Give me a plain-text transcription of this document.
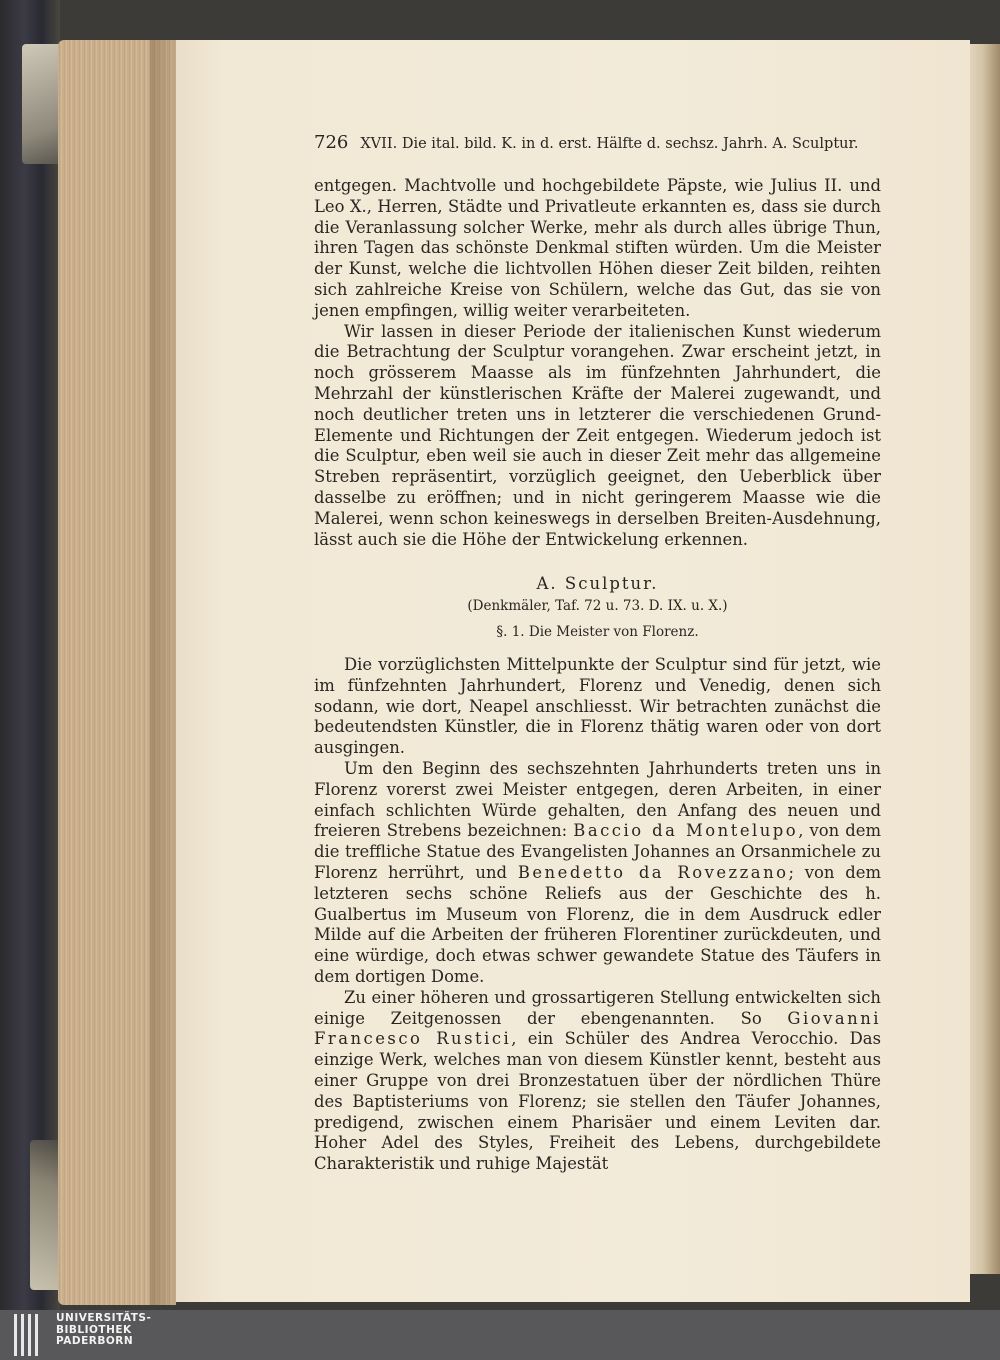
726 XVII. Die ital. bild. K. in d. erst. Hälfte d. sechsz. Jahrh. A. Sculptur.

entgegen. Machtvolle und hochgebildete Päpste, wie Julius II. und Leo X., Herren, Städte und Privatleute erkannten es, dass sie durch die Veranlassung solcher Werke, mehr als durch alles übrige Thun, ihren Tagen das schönste Denkmal stiften würden. Um die Meister der Kunst, welche die lichtvollen Höhen dieser Zeit bilden, reihten sich zahlreiche Kreise von Schülern, welche das Gut, das sie von jenen empfingen, willig weiter verarbeiteten.

Wir lassen in dieser Periode der italienischen Kunst wiederum die Betrachtung der Sculptur vorangehen. Zwar erscheint jetzt, in noch grösserem Maasse als im fünfzehnten Jahrhundert, die Mehrzahl der künstlerischen Kräfte der Malerei zugewandt, und noch deutlicher treten uns in letzterer die verschiedenen Grund-Elemente und Richtungen der Zeit entgegen. Wiederum jedoch ist die Sculptur, eben weil sie auch in dieser Zeit mehr das allgemeine Streben repräsentirt, vorzüglich geeignet, den Ueberblick über dasselbe zu eröffnen; und in nicht geringerem Maasse wie die Malerei, wenn schon keineswegs in derselben Breiten-Ausdehnung, lässt auch sie die Höhe der Entwickelung erkennen.

A. Sculptur.
(Denkmäler, Taf. 72 u. 73. D. IX. u. X.)
§. 1. Die Meister von Florenz.

Die vorzüglichsten Mittelpunkte der Sculptur sind für jetzt, wie im fünfzehnten Jahrhundert, Florenz und Venedig, denen sich sodann, wie dort, Neapel anschliesst. Wir betrachten zunächst die bedeutendsten Künstler, die in Florenz thätig waren oder von dort ausgingen.

Um den Beginn des sechszehnten Jahrhunderts treten uns in Florenz vorerst zwei Meister entgegen, deren Arbeiten, in einer einfach schlichten Würde gehalten, den Anfang des neuen und freieren Strebens bezeichnen: Baccio da Montelupo, von dem die treffliche Statue des Evangelisten Johannes an Orsanmichele zu Florenz herrührt, und Benedetto da Rovezzano; von dem letzteren sechs schöne Reliefs aus der Geschichte des h. Gualbertus im Museum von Florenz, die in dem Ausdruck edler Milde auf die Arbeiten der früheren Florentiner zurückdeuten, und eine würdige, doch etwas schwer gewandete Statue des Täufers in dem dortigen Dome.

Zu einer höheren und grossartigeren Stellung entwickelten sich einige Zeitgenossen der ebengenannten. So Giovanni Francesco Rustici, ein Schüler des Andrea Verocchio. Das einzige Werk, welches man von diesem Künstler kennt, besteht aus einer Gruppe von drei Bronzestatuen über der nördlichen Thüre des Baptisteriums von Florenz; sie stellen den Täufer Johannes, predigend, zwischen einem Pharisäer und einem Leviten dar. Hoher Adel des Styles, Freiheit des Lebens, durchgebildete Charakteristik und ruhige Majestät

UNIVERSITÄTS-
BIBLIOTHEK
PADERBORN
